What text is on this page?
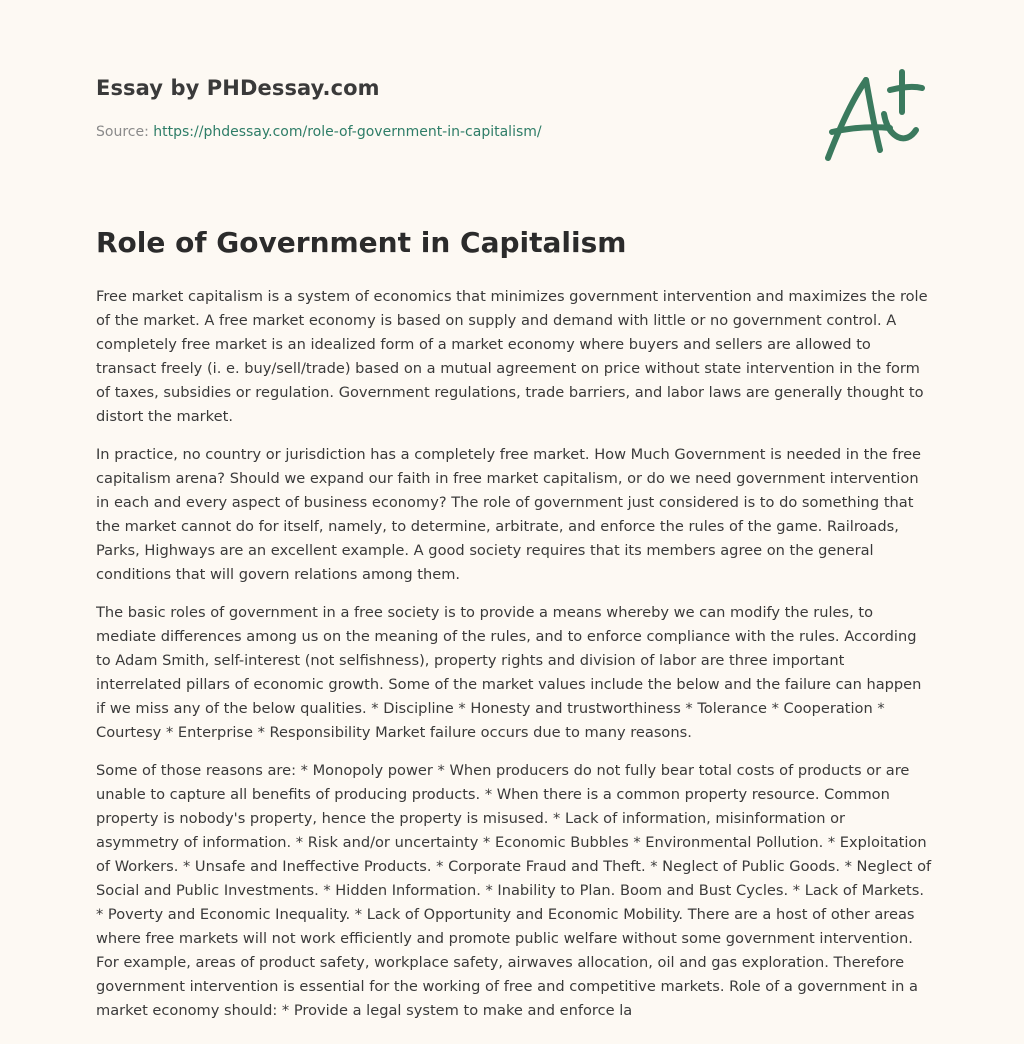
Essay by PHDessay.com
Source: https://phdessay.com/role-of-government-in-capitalism/
Role of Government in Capitalism

Free market capitalism is a system of economics that minimizes government intervention and maximizes the role of the market. A free market economy is based on supply and demand with little or no government control. A completely free market is an idealized form of a market economy where buyers and sellers are allowed to transact freely (i. e. buy/sell/trade) based on a mutual agreement on price without state intervention in the form of taxes, subsidies or regulation. Government regulations, trade barriers, and labor laws are generally thought to distort the market.

In practice, no country or jurisdiction has a completely free market. How Much Government is needed in the free capitalism arena? Should we expand our faith in free market capitalism, or do we need government intervention in each and every aspect of business economy? The role of government just considered is to do something that the market cannot do for itself, namely, to determine, arbitrate, and enforce the rules of the game. Railroads, Parks, Highways are an excellent example. A good society requires that its members agree on the general conditions that will govern relations among them.

The basic roles of government in a free society is to provide a means whereby we can modify the rules, to mediate differences among us on the meaning of the rules, and to enforce compliance with the rules. According to Adam Smith, self-interest (not selfishness), property rights and division of labor are three important interrelated pillars of economic growth. Some of the market values include the below and the failure can happen if we miss any of the below qualities. * Discipline * Honesty and trustworthiness * Tolerance * Cooperation * Courtesy * Enterprise * Responsibility Market failure occurs due to many reasons.

Some of those reasons are: * Monopoly power * When producers do not fully bear total costs of products or are unable to capture all benefits of producing products. * When there is a common property resource. Common property is nobody's property, hence the property is misused. * Lack of information, misinformation or asymmetry of information. * Risk and/or uncertainty * Economic Bubbles * Environmental Pollution. * Exploitation of Workers. * Unsafe and Ineffective Products. * Corporate Fraud and Theft. * Neglect of Public Goods. * Neglect of Social and Public Investments. * Hidden Information. * Inability to Plan. Boom and Bust Cycles. * Lack of Markets. * Poverty and Economic Inequality. * Lack of Opportunity and Economic Mobility. There are a host of other areas where free markets will not work efficiently and promote public welfare without some government intervention. For example, areas of product safety, workplace safety, airwaves allocation, oil and gas exploration. Therefore government intervention is essential for the working of free and competitive markets. Role of a government in a market economy should: * Provide a legal system to make and enforce la
